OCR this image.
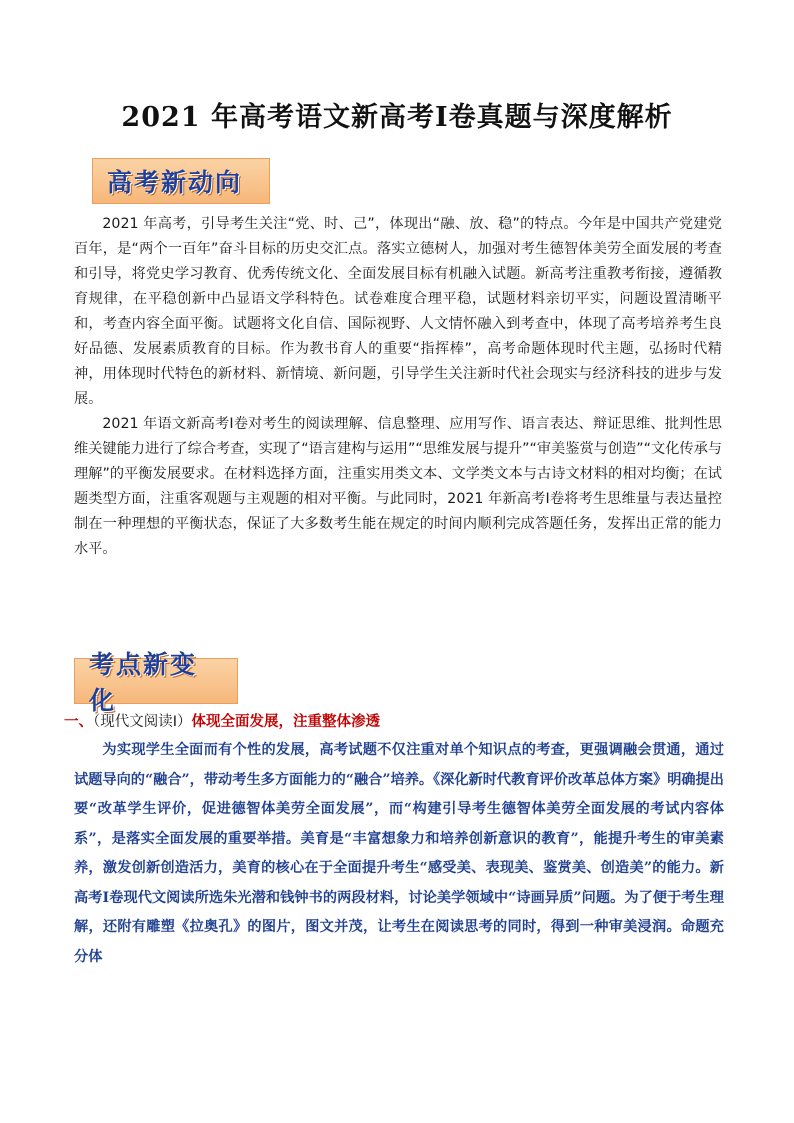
2021 年高考语文新高考Ⅰ卷真题与深度解析
高考新动向

2021 年高考，引导考生关注“党、时、己”，体现出“融、放、稳”的特点。今年是中国共产党建党百年，是“两个一百年”奋斗目标的历史交汇点。落实立德树人，加强对考生德智体美劳全面发展的考查和引导，将党史学习教育、优秀传统文化、全面发展目标有机融入试题。新高考注重教考衔接，遵循教育规律，在平稳创新中凸显语文学科特色。试卷难度合理平稳，试题材料亲切平实，问题设置清晰平和，考查内容全面平衡。试题将文化自信、国际视野、人文情怀融入到考查中，体现了高考培养考生良好品德、发展素质教育的目标。作为教书育人的重要“指挥棒”，高考命题体现时代主题，弘扬时代精神，用体现时代特色的新材料、新情境、新问题，引导学生关注新时代社会现实与经济科技的进步与发展。

2021 年语文新高考Ⅰ卷对考生的阅读理解、信息整理、应用写作、语言表达、辩证思维、批判性思维关键能力进行了综合考查，实现了“语言建构与运用”“思维发展与提升”“审美鉴赏与创造”“文化传承与理解”的平衡发展要求。在材料选择方面，注重实用类文本、文学类文本与古诗文材料的相对均衡；在试题类型方面，注重客观题与主观题的相对平衡。与此同时，2021 年新高考Ⅰ卷将考生思维量与表达量控制在一种理想的平衡状态，保证了大多数考生能在规定的时间内顺利完成答题任务，发挥出正常的能力水平。

考点新变化
一、（现代文阅读Ⅰ）体现全面发展，注重整体渗透

为实现学生全面而有个性的发展，高考试题不仅注重对单个知识点的考查，更强调融会贯通，通过试题导向的“融合”，带动考生多方面能力的“融合”培养。《深化新时代教育评价改革总体方案》明确提出要“改革学生评价，促进德智体美劳全面发展”，而“构建引导考生德智体美劳全面发展的考试内容体系”，是落实全面发展的重要举措。美育是“丰富想象力和培养创新意识的教育”，能提升考生的审美素养，激发创新创造活力，美育的核心在于全面提升考生“感受美、表现美、鉴赏美、创造美”的能力。新高考Ⅰ卷现代文阅读所选朱光潜和钱钟书的两段材料，讨论美学领域中“诗画异质”问题。为了便于考生理解，还附有雕塑《拉奥孔》的图片，图文并茂，让考生在阅读思考的同时，得到一种审美浸润。命题充分体
